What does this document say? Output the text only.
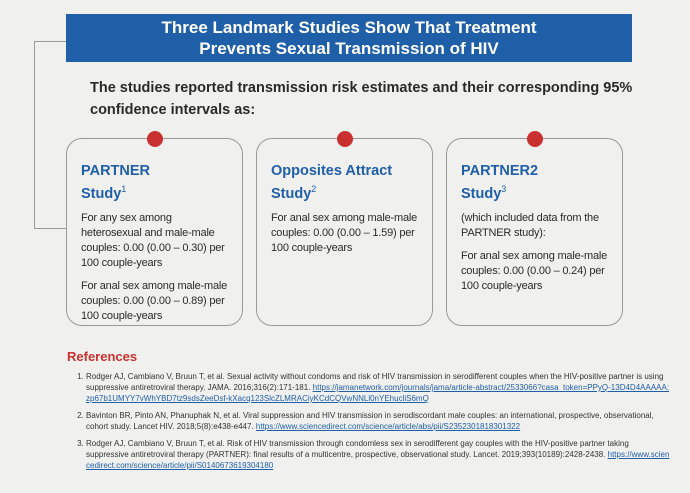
Three Landmark Studies Show That Treatment
Prevents Sexual Transmission of HIV
The studies reported transmission risk estimates and their corresponding 95% confidence intervals as:
PARTNER
Study$^1$

For any sex among heterosexual and male-male couples: 0.00 (0.00 – 0.30) per 100 couple-years

For anal sex among male-male couples: 0.00 (0.00 – 0.89) per 100 couple-years

Opposites Attract
Study$^2$

For anal sex among male-male couples: 0.00 (0.00 – 1.59) per 100 couple-years

PARTNER2
Study$^3$

(which included data from the PARTNER study):

For anal sex among male-male couples: 0.00 (0.00 – 0.24) per 100 couple-years

References
1. Rodger AJ, Cambiano V, Bruun T, et al. Sexual activity without condoms and risk of HIV transmission in serodifferent couples when the HIV-positive partner is using suppressive antiretroviral therapy. JAMA. 2016;316(2):171-181. https://jamanetwork.com/journals/jama/article-abstract/2533066?casa_token=PPyQ-13D4D4AAAAA:zp67b1UMYY7vWhYBD7tz9sdsZeeDsf-kXacq123SlcZLMRACiyKCdCQVwNNLl0nYEhucliS6mQ
2. Bavinton BR, Pinto AN, Phanuphak N, et al. Viral suppression and HIV transmission in serodiscordant male couples: an international, prospective, observational, cohort study. Lancet HIV. 2018;5(8):e438-e447. https://www.sciencedirect.com/science/article/abs/pii/S2352301818301322
3. Rodger AJ, Cambiano V, Bruun T, et al. Risk of HIV transmission through condomless sex in serodifferent gay couples with the HIV-positive partner taking suppressive antiretroviral therapy (PARTNER): final results of a multicentre, prospective, observational study. Lancet. 2019;393(10189):2428-2438. https://www.sciencedirect.com/science/article/pii/S0140673619304180
